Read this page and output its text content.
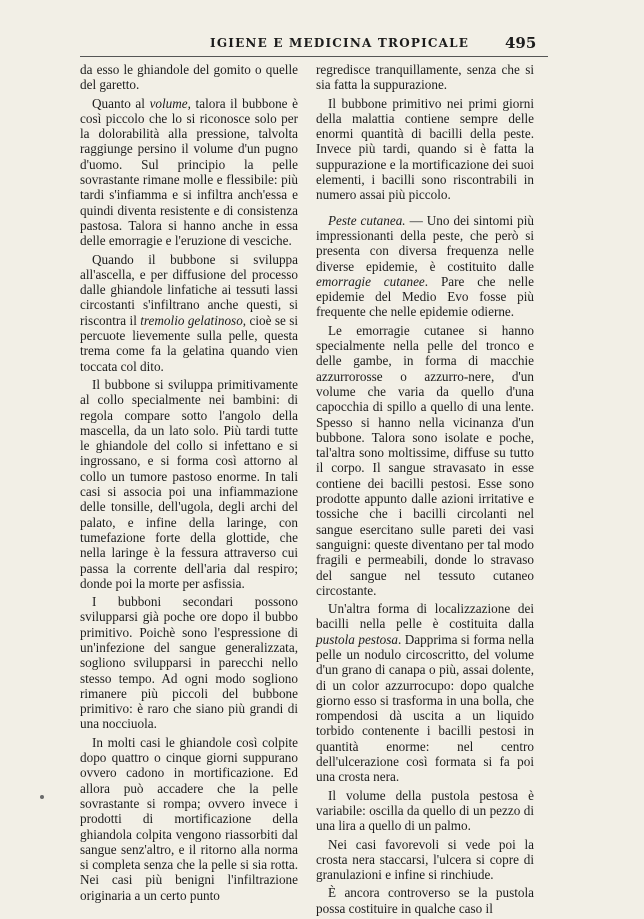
IGIENE E MEDICINA TROPICALE 495

da esso le ghiandole del gomito o quelle del garetto.

Quanto al volume, talora il bubbone è così piccolo che lo si riconosce solo per la dolorabilità alla pressione, talvolta raggiunge persino il volume d'un pugno d'uomo. Sul principio la pelle sovrastante rimane molle e flessibile: più tardi s'infiamma e si infiltra anch'essa e quindi diventa resistente e di consistenza pastosa. Talora si hanno anche in essa delle emorragie e l'eruzione di vesciche.

Quando il bubbone si sviluppa all'ascella, e per diffusione del processo dalle ghiandole linfatiche ai tessuti lassi circostanti s'infiltrano anche questi, si riscontra il tremolio gelatinoso, cioè se si percuote lievemente sulla pelle, questa trema come fa la gelatina quando vien toccata col dito.

Il bubbone si sviluppa primitivamente al collo specialmente nei bambini: di regola compare sotto l'angolo della mascella, da un lato solo. Più tardi tutte le ghiandole del collo si infettano e si ingrossano, e si forma così attorno al collo un tumore pastoso enorme. In tali casi si associa poi una infiammazione delle tonsille, dell'ugola, degli archi del palato, e infine della laringe, con tumefazione forte della glottide, che nella laringe è la fessura attraverso cui passa la corrente dell'aria dal respiro; donde poi la morte per asfissia.

I bubboni secondari possono svilupparsi già poche ore dopo il bubbo primitivo. Poichè sono l'espressione di un'infezione del sangue generalizzata, sogliono svilupparsi in parecchi nello stesso tempo. Ad ogni modo sogliono rimanere più piccoli del bubbone primitivo: è raro che siano più grandi di una nocciuola.

In molti casi le ghiandole così colpite dopo quattro o cinque giorni suppurano ovvero cadono in mortificazione. Ed allora può accadere che la pelle sovrastante si rompa; ovvero invece i prodotti di mortificazione della ghiandola colpita vengono riassorbiti dal sangue senz'altro, e il ritorno alla norma si completa senza che la pelle si sia rotta. Nei casi più benigni l'infiltrazione originaria a un certo punto

regredisce tranquillamente, senza che si sia fatta la suppurazione.

Il bubbone primitivo nei primi giorni della malattia contiene sempre delle enormi quantità di bacilli della peste. Invece più tardi, quando si è fatta la suppurazione e la mortificazione dei suoi elementi, i bacilli sono riscontrabili in numero assai più piccolo.

Peste cutanea. — Uno dei sintomi più impressionanti della peste, che però si presenta con diversa frequenza nelle diverse epidemie, è costituito dalle emorragie cutanee. Pare che nelle epidemie del Medio Evo fosse più frequente che nelle epidemie odierne.

Le emorragie cutanee si hanno specialmente nella pelle del tronco e delle gambe, in forma di macchie azzurrorosse o azzurro-nere, d'un volume che varia da quello d'una capocchia di spillo a quello di una lente. Spesso si hanno nella vicinanza d'un bubbone. Talora sono isolate e poche, tal'altra sono moltissime, diffuse su tutto il corpo. Il sangue stravasato in esse contiene dei bacilli pestosi. Esse sono prodotte appunto dalle azioni irritative e tossiche che i bacilli circolanti nel sangue esercitano sulle pareti dei vasi sanguigni: queste diventano per tal modo fragili e permeabili, donde lo stravaso del sangue nel tessuto cutaneo circostante.

Un'altra forma di localizzazione dei bacilli nella pelle è costituita dalla pustola pestosa. Dapprima si forma nella pelle un nodulo circoscritto, del volume d'un grano di canapa o più, assai dolente, di un color azzurrocupo: dopo qualche giorno esso si trasforma in una bolla, che rompendosi dà uscita a un liquido torbido contenente i bacilli pestosi in quantità enorme: nel centro dell'ulcerazione così formata si fa poi una crosta nera.

Il volume della pustola pestosa è variabile: oscilla da quello di un pezzo di una lira a quello di un palmo.

Nei casi favorevoli si vede poi la crosta nera staccarsi, l'ulcera si copre di granulazioni e infine si rinchiude.

È ancora controverso se la pustola possa costituire in qualche caso il
